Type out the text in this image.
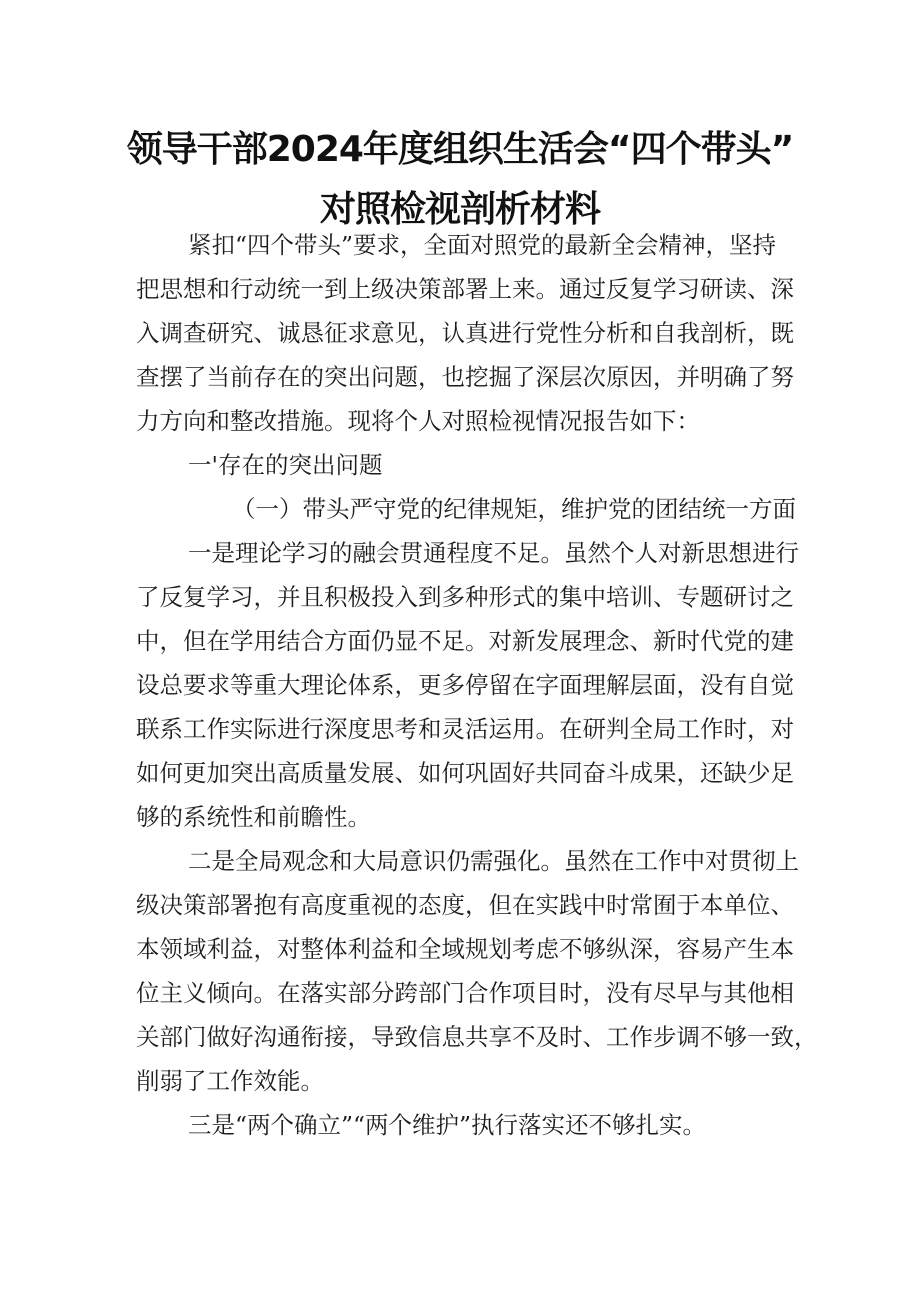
领导干部2024年度组织生活会“四个带头”
对照检视剖析材料
紧扣“四个带头”要求，全面对照党的最新全会精神，坚持
把思想和行动统一到上级决策部署上来。通过反复学习研读、深
入调查研究、诚恳征求意见，认真进行党性分析和自我剖析，既
查摆了当前存在的突出问题，也挖掘了深层次原因，并明确了努
力方向和整改措施。现将个人对照检视情况报告如下：
一'存在的突出问题
（一）带头严守党的纪律规矩，维护党的团结统一方面
一是理论学习的融会贯通程度不足。虽然个人对新思想进行
了反复学习，并且积极投入到多种形式的集中培训、专题研讨之
中，但在学用结合方面仍显不足。对新发展理念、新时代党的建
设总要求等重大理论体系，更多停留在字面理解层面，没有自觉
联系工作实际进行深度思考和灵活运用。在研判全局工作时，对
如何更加突出高质量发展、如何巩固好共同奋斗成果，还缺少足
够的系统性和前瞻性。
二是全局观念和大局意识仍需强化。虽然在工作中对贯彻上
级决策部署抱有高度重视的态度，但在实践中时常囿于本单位、
本领域利益，对整体利益和全域规划考虑不够纵深，容易产生本
位主义倾向。在落实部分跨部门合作项目时，没有尽早与其他相
关部门做好沟通衔接，导致信息共享不及时、工作步调不够一致，
削弱了工作效能。
三是“两个确立”“两个维护”执行落实还不够扎实。
